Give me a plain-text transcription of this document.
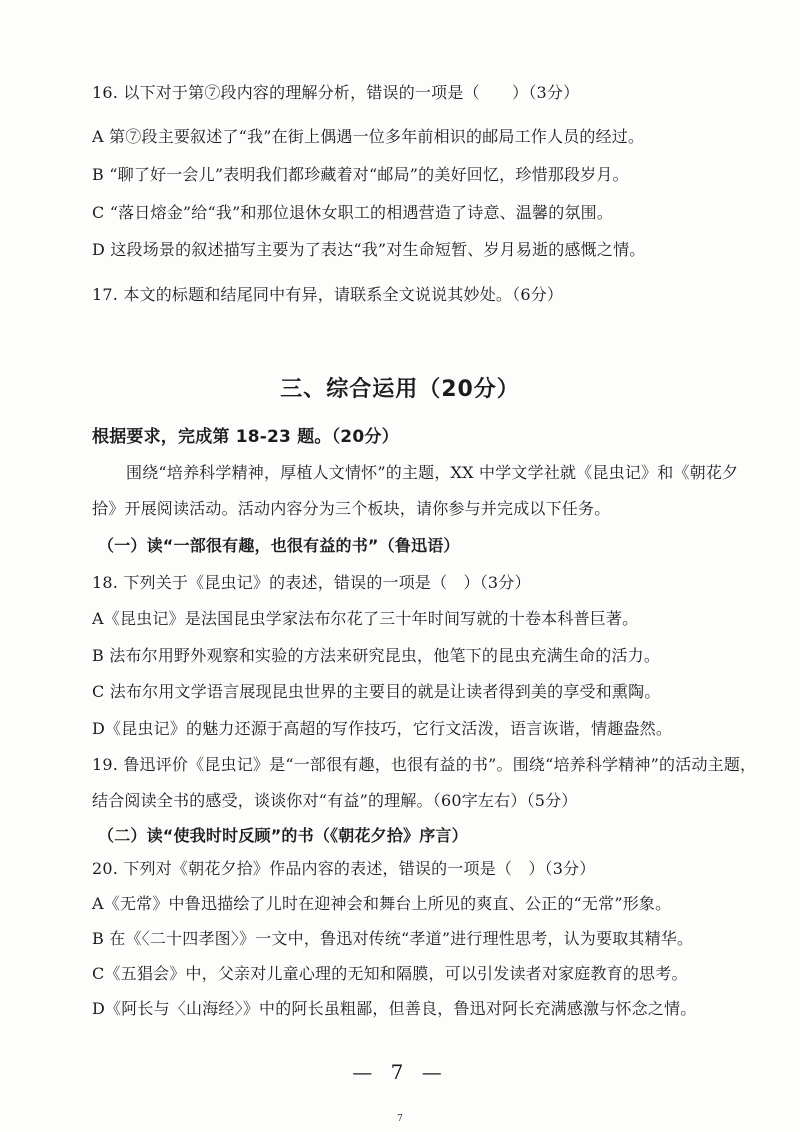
16. 以下对于第⑦段内容的理解分析，错误的一项是（　　）（3分）
A 第⑦段主要叙述了“我”在街上偶遇一位多年前相识的邮局工作人员的经过。
B “聊了好一会儿”表明我们都珍藏着对“邮局”的美好回忆，珍惜那段岁月。
C “落日熔金”给“我”和那位退休女职工的相遇营造了诗意、温馨的氛围。
D 这段场景的叙述描写主要为了表达“我”对生命短暂、岁月易逝的感慨之情。
17. 本文的标题和结尾同中有异，请联系全文说说其妙处。（6分）
三、综合运用（20分）
根据要求，完成第 18-23 题。（20分）
围绕“培养科学精神，厚植人文情怀”的主题，XX 中学文学社就《昆虫记》和《朝花夕
拾》开展阅读活动。活动内容分为三个板块，请你参与并完成以下任务。
（一）读“一部很有趣，也很有益的书”（鲁迅语）
18. 下列关于《昆虫记》的表述，错误的一项是（　）（3分）
A《昆虫记》是法国昆虫学家法布尔花了三十年时间写就的十卷本科普巨著。
B 法布尔用野外观察和实验的方法来研究昆虫，他笔下的昆虫充满生命的活力。
C 法布尔用文学语言展现昆虫世界的主要目的就是让读者得到美的享受和熏陶。
D《昆虫记》的魅力还源于高超的写作技巧，它行文活泼，语言诙谐，情趣盎然。
19. 鲁迅评价《昆虫记》是“一部很有趣，也很有益的书”。围绕“培养科学精神”的活动主题，
结合阅读全书的感受，谈谈你对“有益”的理解。（60字左右）（5分）
（二）读“使我时时反顾”的书（《朝花夕拾》序言）
20. 下列对《朝花夕拾》作品内容的表述，错误的一项是（　）（3分）
A《无常》中鲁迅描绘了儿时在迎神会和舞台上所见的爽直、公正的“无常”形象。
B 在《〈二十四孝图〉》一文中，鲁迅对传统“孝道”进行理性思考，认为要取其精华。
C《五猖会》中，父亲对儿童心理的无知和隔膜，可以引发读者对家庭教育的思考。
D《阿长与〈山海经〉》中的阿长虽粗鄙，但善良，鲁迅对阿长充满感激与怀念之情。
— 7 —
7
